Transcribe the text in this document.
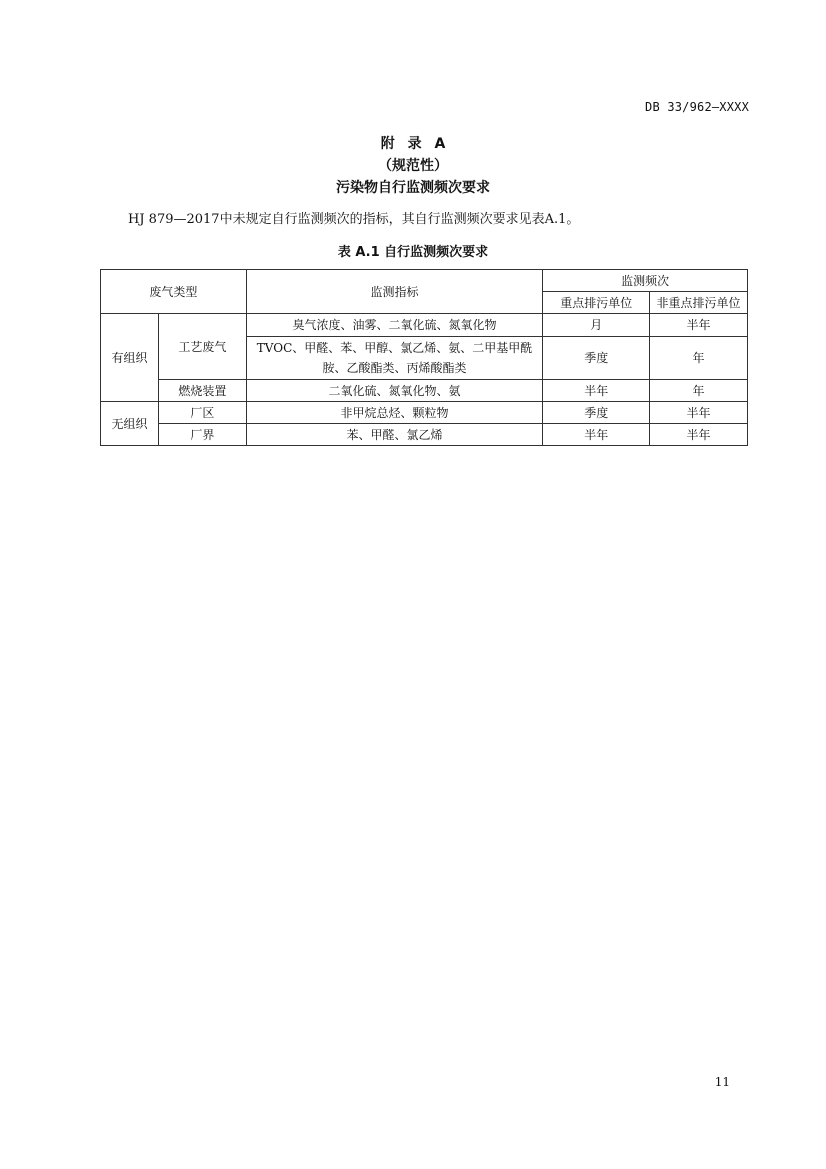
DB 33/962—XXXX
附 录 A
（规范性）
污染物自行监测频次要求
HJ 879—2017中未规定自行监测频次的指标，其自行监测频次要求见表A.1。
表 A.1 自行监测频次要求
废气类型		监测指标	监测频次	
			重点排污单位	非重点排污单位
有组织	工艺废气	臭气浓度、油雾、二氧化硫、氮氧化物	月	半年

		TVOC、甲醛、苯、甲醇、氯乙烯、氨、二甲基甲酰
胺、乙酸酯类、丙烯酸酯类	季度	年
	燃烧装置	二氧化硫、氮氧化物、氨	半年	年
无组织	厂区	非甲烷总烃、颗粒物	季度	半年
	厂界	苯、甲醛、氯乙烯	半年	半年
11
